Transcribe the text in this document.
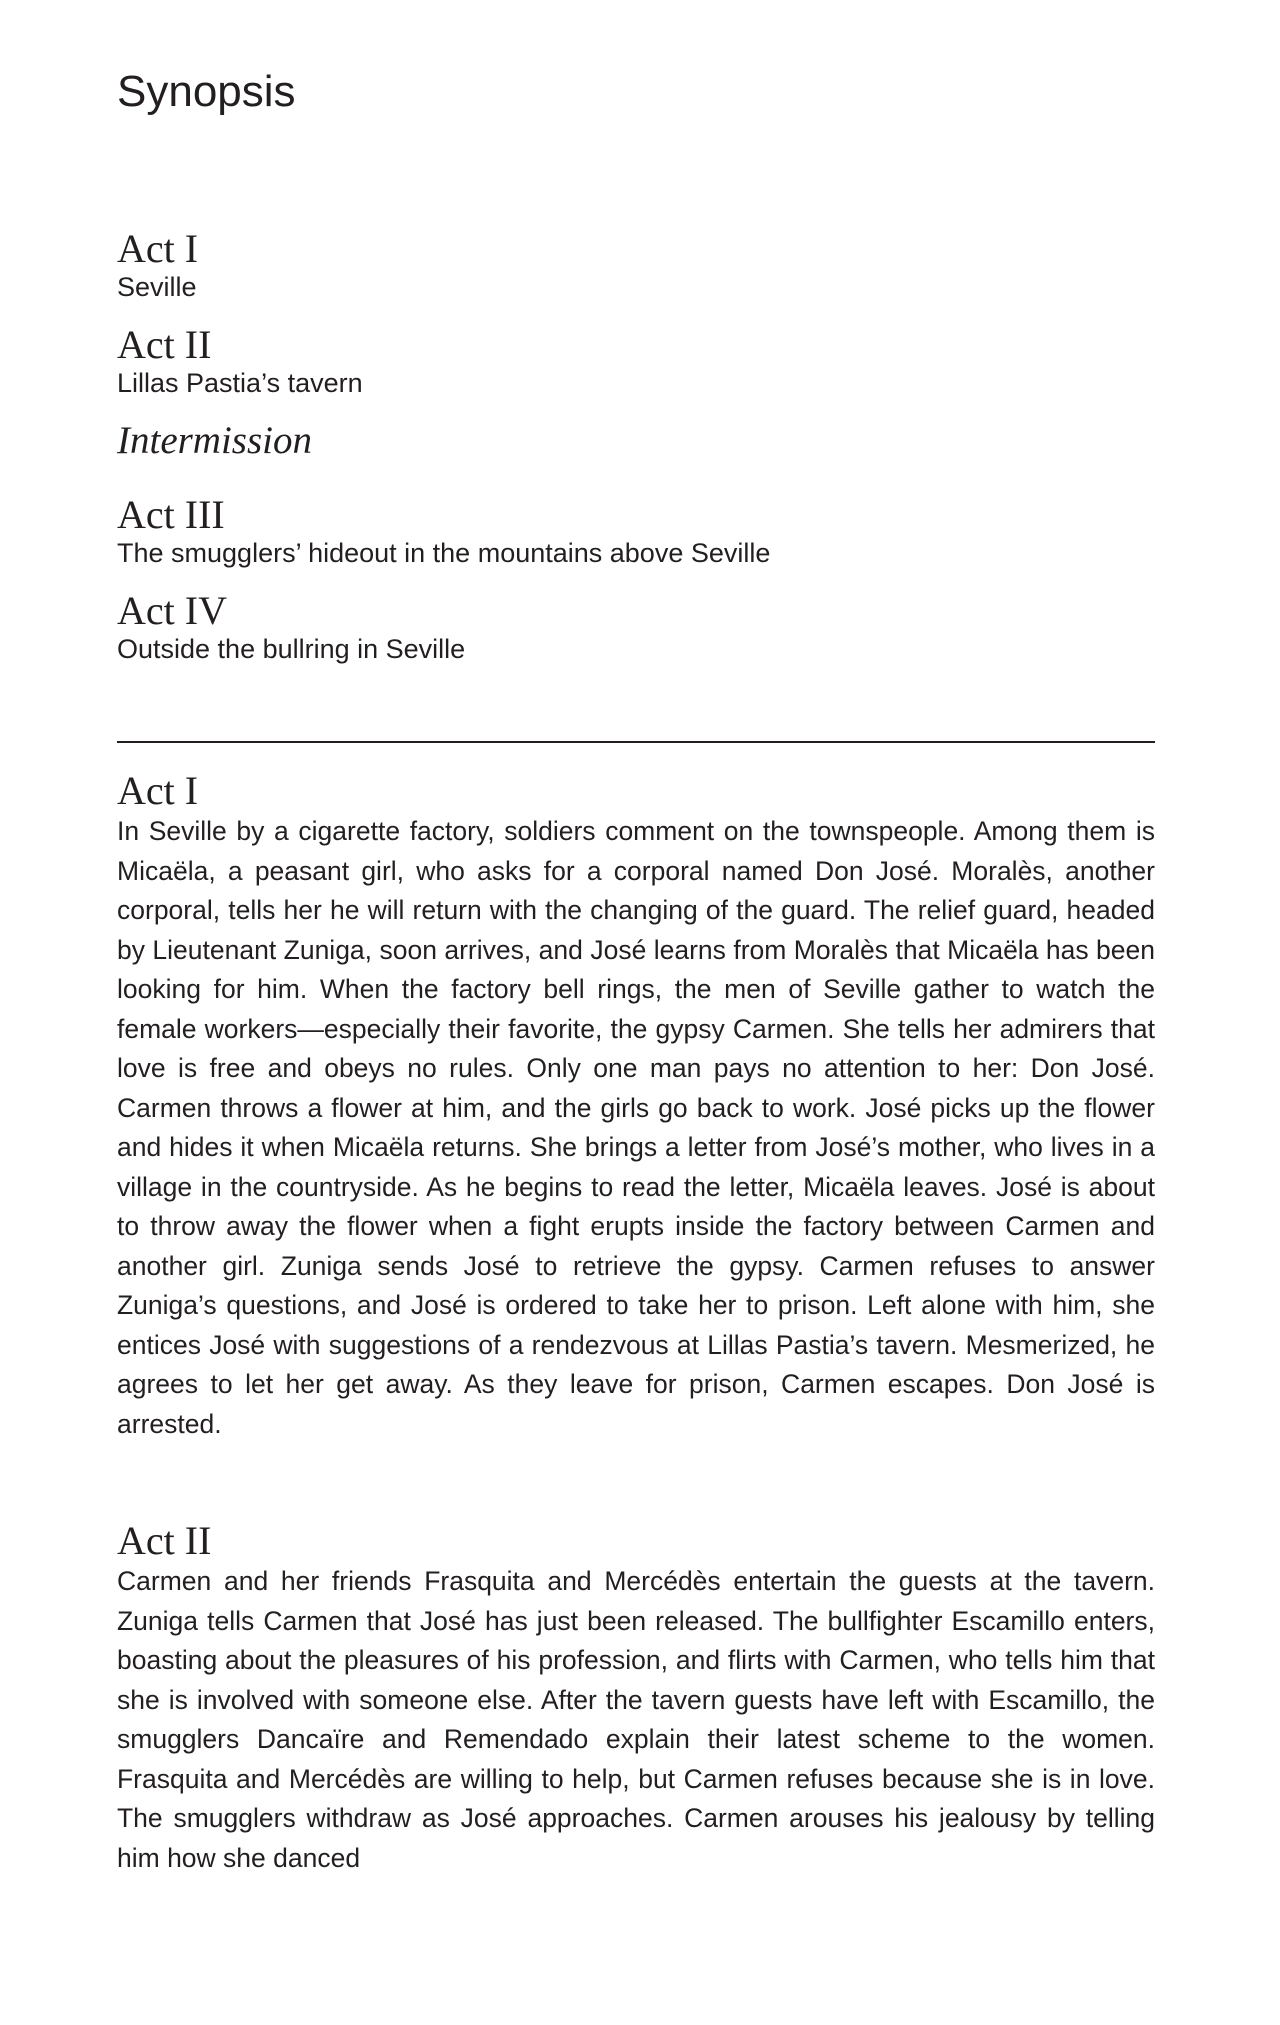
Synopsis
Act I
Seville
Act II
Lillas Pastia’s tavern
Intermission
Act III
The smugglers’ hideout in the mountains above Seville
Act IV
Outside the bullring in Seville
Act I

In Seville by a cigarette factory, soldiers comment on the townspeople. Among them is Micaëla, a peasant girl, who asks for a corporal named Don José. Moralès, another corporal, tells her he will return with the changing of the guard. The relief guard, headed by Lieutenant Zuniga, soon arrives, and José learns from Moralès that Micaëla has been looking for him. When the factory bell rings, the men of Seville gather to watch the female workers—especially their favorite, the gypsy Carmen. She tells her admirers that love is free and obeys no rules. Only one man pays no attention to her: Don José. Carmen throws a flower at him, and the girls go back to work. José picks up the flower and hides it when Micaëla returns. She brings a letter from José’s mother, who lives in a village in the countryside. As he begins to read the letter, Micaëla leaves. José is about to throw away the flower when a fight erupts inside the factory between Carmen and another girl. Zuniga sends José to retrieve the gypsy. Carmen refuses to answer Zuniga’s questions, and José is ordered to take her to prison. Left alone with him, she entices José with suggestions of a rendezvous at Lillas Pastia’s tavern. Mesmerized, he agrees to let her get away. As they leave for prison, Carmen escapes. Don José is arrested.

Act II

Carmen and her friends Frasquita and Mercédès entertain the guests at the tavern. Zuniga tells Carmen that José has just been released. The bullfighter Escamillo enters, boasting about the pleasures of his profession, and flirts with Carmen, who tells him that she is involved with someone else. After the tavern guests have left with Escamillo, the smugglers Dancaïre and Remendado explain their latest scheme to the women. Frasquita and Mercédès are willing to help, but Carmen refuses because she is in love. The smugglers withdraw as José approaches. Carmen arouses his jealousy by telling him how she danced
